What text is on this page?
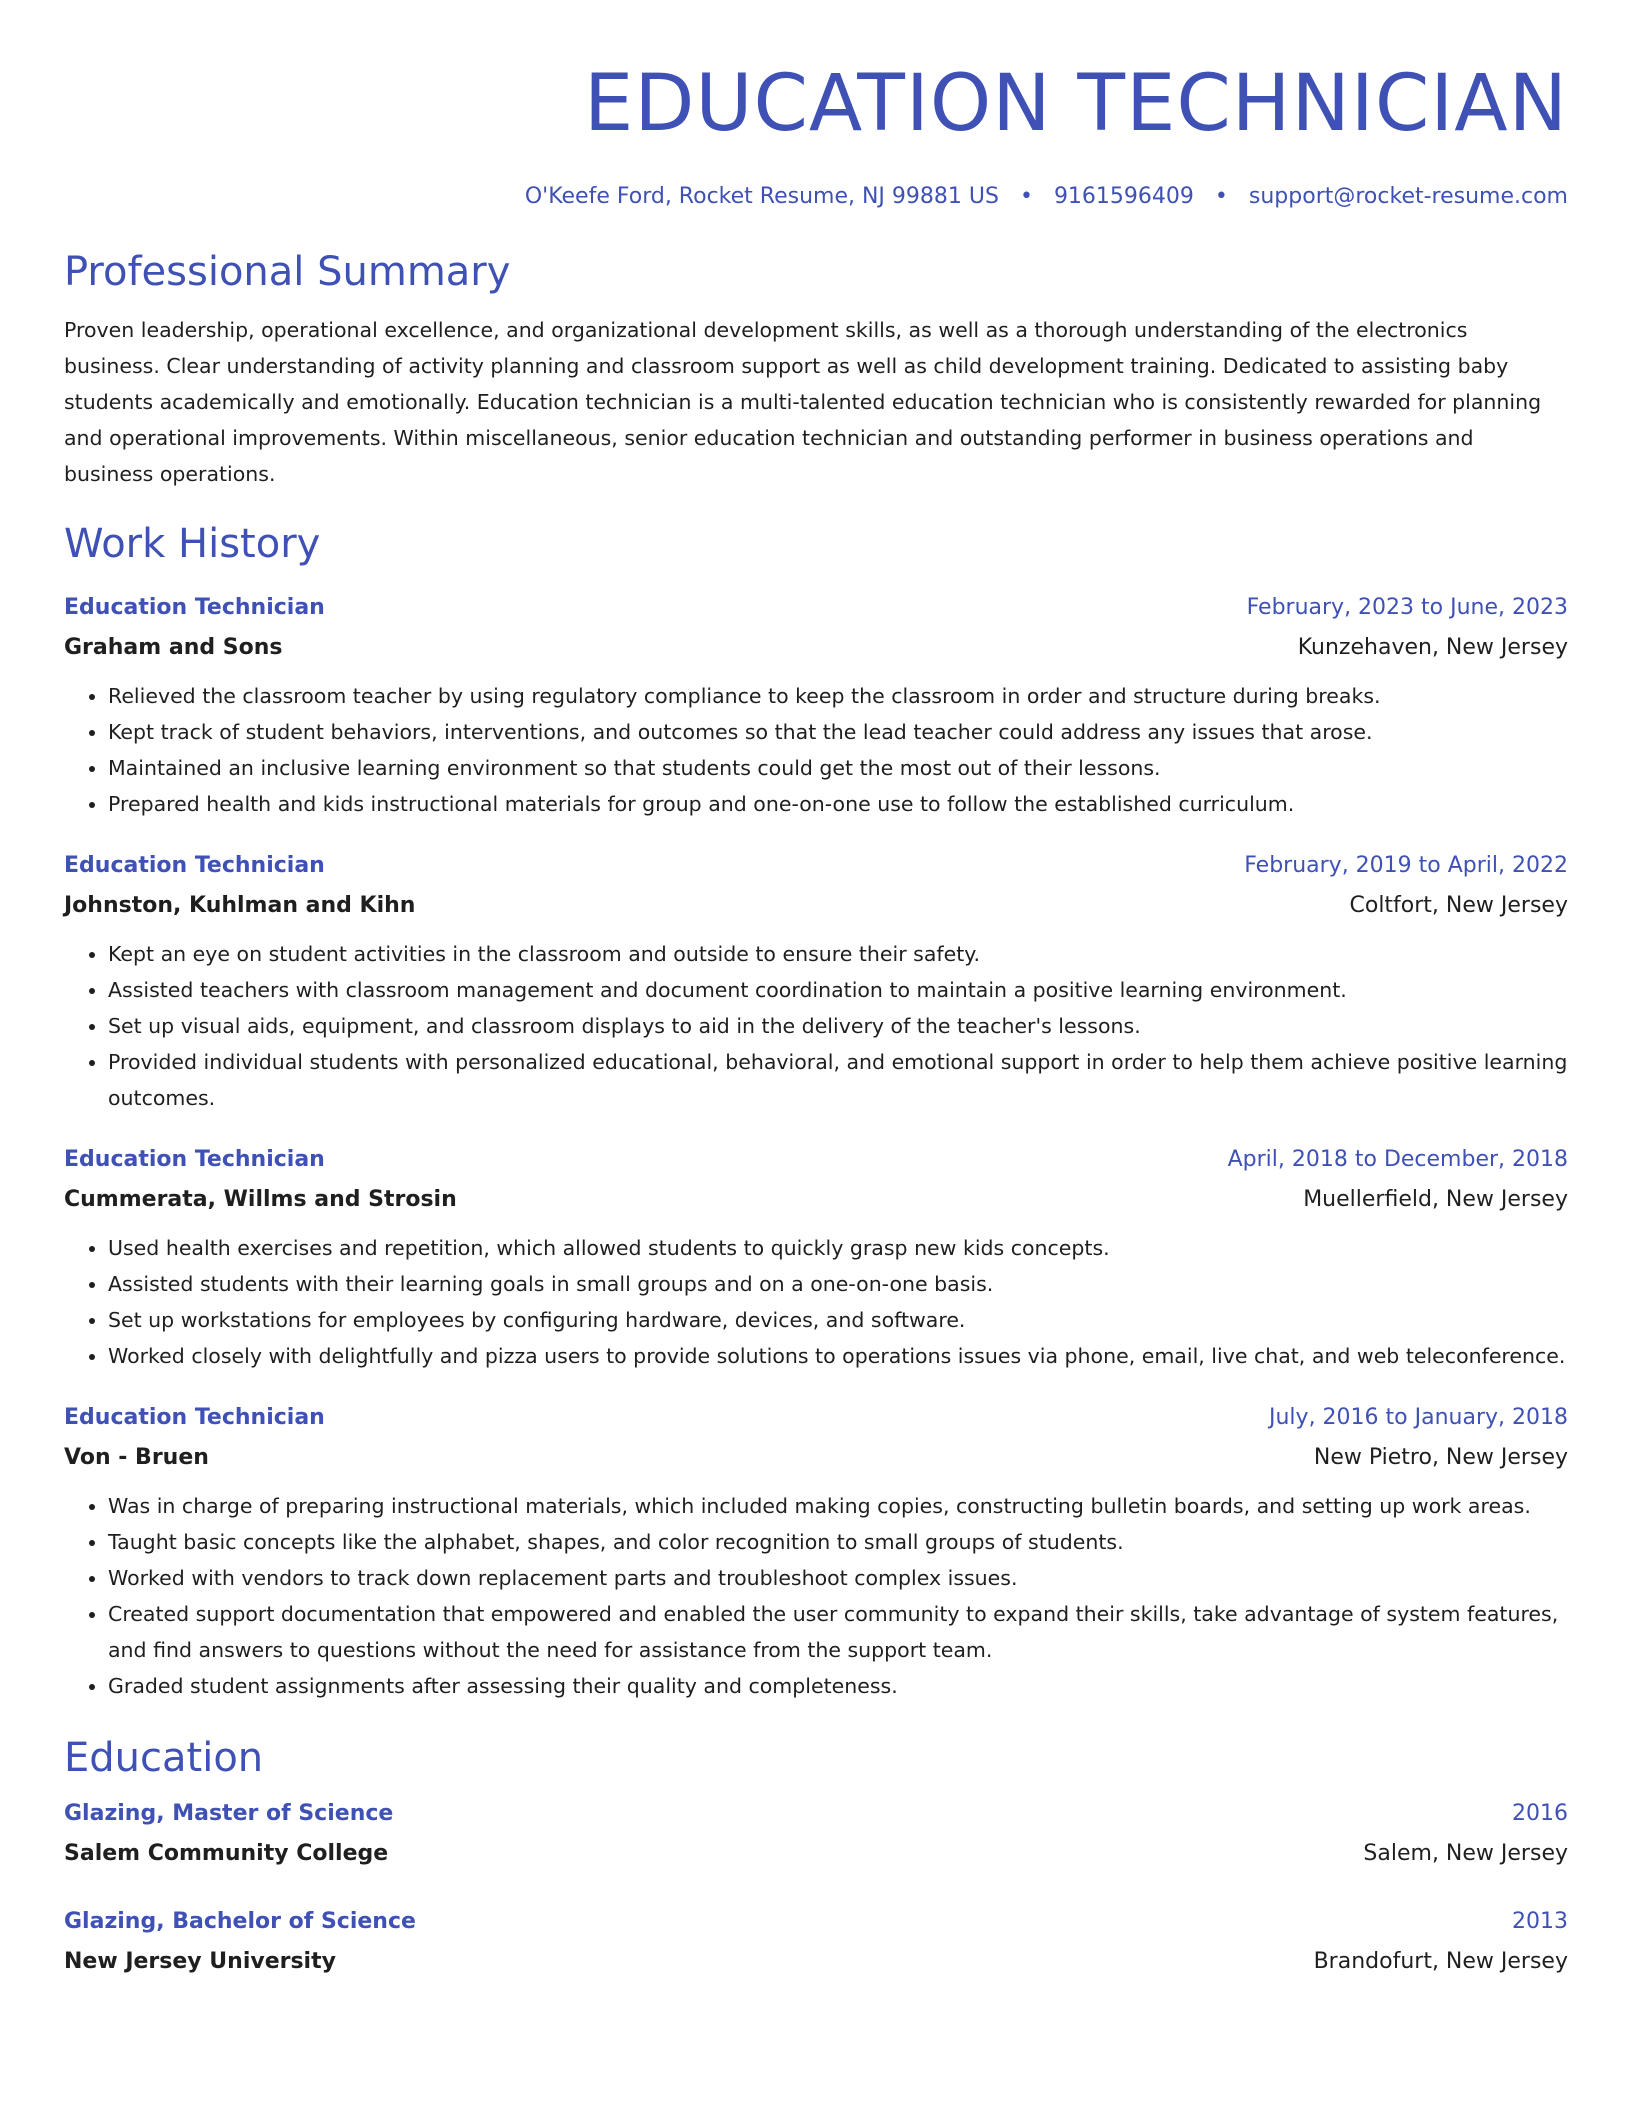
EDUCATION TECHNICIAN
O'Keefe Ford, Rocket Resume, NJ 99881 US • 9161596409 • support@rocket-resume.com
Professional Summary
Proven leadership, operational excellence, and organizational development skills, as well as a thorough understanding of the electronics business. Clear understanding of activity planning and classroom support as well as child development training. Dedicated to assisting baby students academically and emotionally. Education technician is a multi-talented education technician who is consistently rewarded for planning and operational improvements. Within miscellaneous, senior education technician and outstanding performer in business operations and business operations.
Work History
Education Technician	February, 2023 to June, 2023
Graham and Sons	Kunzehaven, New Jersey
• Relieved the classroom teacher by using regulatory compliance to keep the classroom in order and structure during breaks.
• Kept track of student behaviors, interventions, and outcomes so that the lead teacher could address any issues that arose.
• Maintained an inclusive learning environment so that students could get the most out of their lessons.
• Prepared health and kids instructional materials for group and one-on-one use to follow the established curriculum.
Education Technician	February, 2019 to April, 2022
Johnston, Kuhlman and Kihn	Coltfort, New Jersey
• Kept an eye on student activities in the classroom and outside to ensure their safety.
• Assisted teachers with classroom management and document coordination to maintain a positive learning environment.
• Set up visual aids, equipment, and classroom displays to aid in the delivery of the teacher's lessons.
• Provided individual students with personalized educational, behavioral, and emotional support in order to help them achieve positive learning outcomes.
Education Technician	April, 2018 to December, 2018
Cummerata, Willms and Strosin	Muellerfield, New Jersey
• Used health exercises and repetition, which allowed students to quickly grasp new kids concepts.
• Assisted students with their learning goals in small groups and on a one-on-one basis.
• Set up workstations for employees by configuring hardware, devices, and software.
• Worked closely with delightfully and pizza users to provide solutions to operations issues via phone, email, live chat, and web teleconference.
Education Technician	July, 2016 to January, 2018
Von - Bruen	New Pietro, New Jersey
• Was in charge of preparing instructional materials, which included making copies, constructing bulletin boards, and setting up work areas.
• Taught basic concepts like the alphabet, shapes, and color recognition to small groups of students.
• Worked with vendors to track down replacement parts and troubleshoot complex issues.
• Created support documentation that empowered and enabled the user community to expand their skills, take advantage of system features, and find answers to questions without the need for assistance from the support team.
• Graded student assignments after assessing their quality and completeness.
Education
Glazing, Master of Science	2016
Salem Community College	Salem, New Jersey
Glazing, Bachelor of Science	2013
New Jersey University	Brandofurt, New Jersey
